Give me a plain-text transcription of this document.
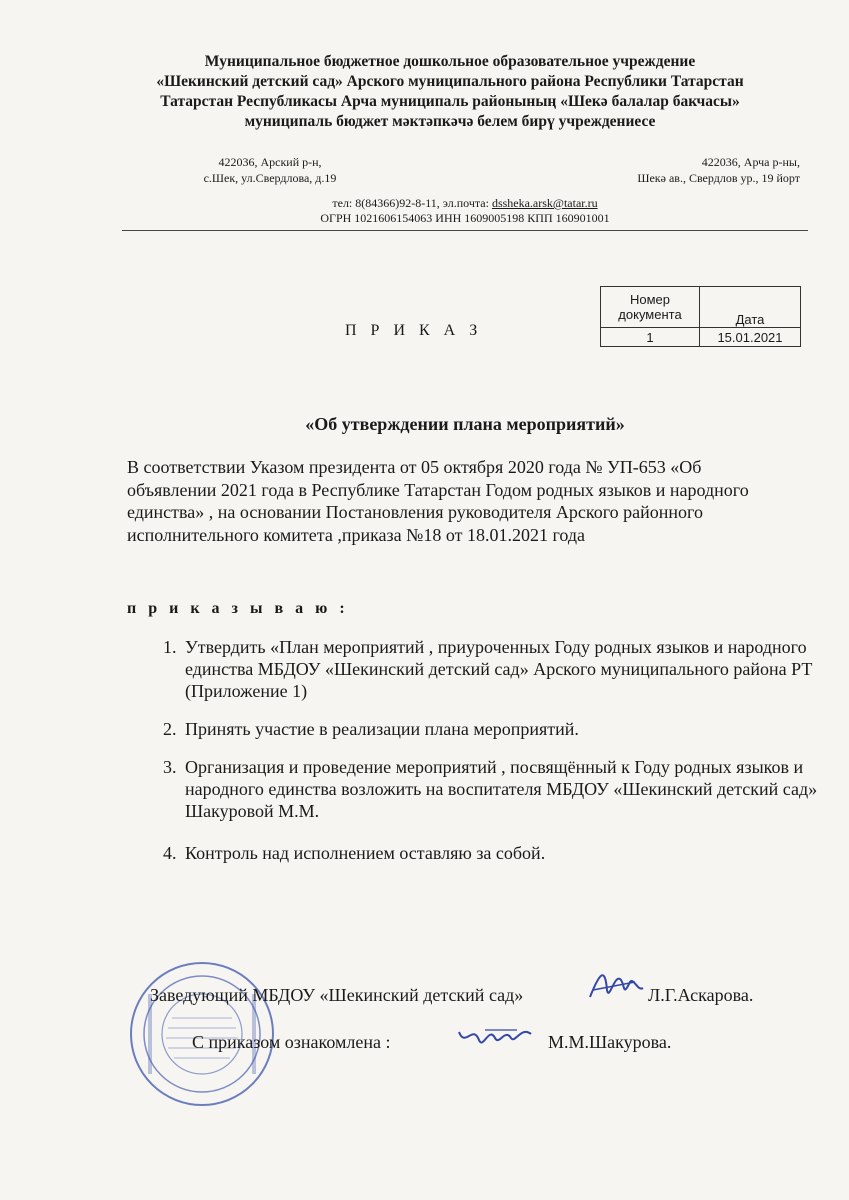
Муниципальное бюджетное дошкольное образовательное учреждение
«Шекинский детский сад» Арского муниципального района Республики Татарстан
Татарстан Республикасы Арча муниципаль районының «Шекә балалар бакчасы»
муниципаль бюджет мәктәпкәчә белем бирү учреждениесе
422036, Арский р-н,
с.Шек, ул.Свердлова, д.19
422036, Арча р-ны,
Шекә ав., Свердлов ур., 19 йорт
тел: 8(84366)92-8-11, эл.почта: dssheka.arsk@tatar.ru
ОГРН 1021606154063 ИНН 1609005198 КПП 160901001
Номер документа	Дата
1	15.01.2021
П Р И К А З
«Об утверждении плана мероприятий»
В соответствии Указом президента от 05 октября 2020 года № УП-653 «Об объявлении 2021 года в Республике Татарстан Годом родных языков и народного единства» , на основании Постановления руководителя Арского районного исполнительного комитета ,приказа №18 от 18.01.2021 года
п р и к а з ы в а ю :
1. Утвердить «План мероприятий , приуроченных Году родных языков и народного единства МБДОУ «Шекинский детский сад» Арского муниципального района РТ (Приложение 1)
2. Принять участие в реализации плана мероприятий.
3. Организация и проведение мероприятий , посвящённый к Году родных языков и народного единства возложить на воспитателя МБДОУ «Шекинский детский сад» Шакуровой М.М.
4. Контроль над исполнением оставляю за собой.
Заведующий МБДОУ «Шекинский детский сад»	Л.Г.Аскарова.
С приказом ознакомлена :	М.М.Шакурова.
